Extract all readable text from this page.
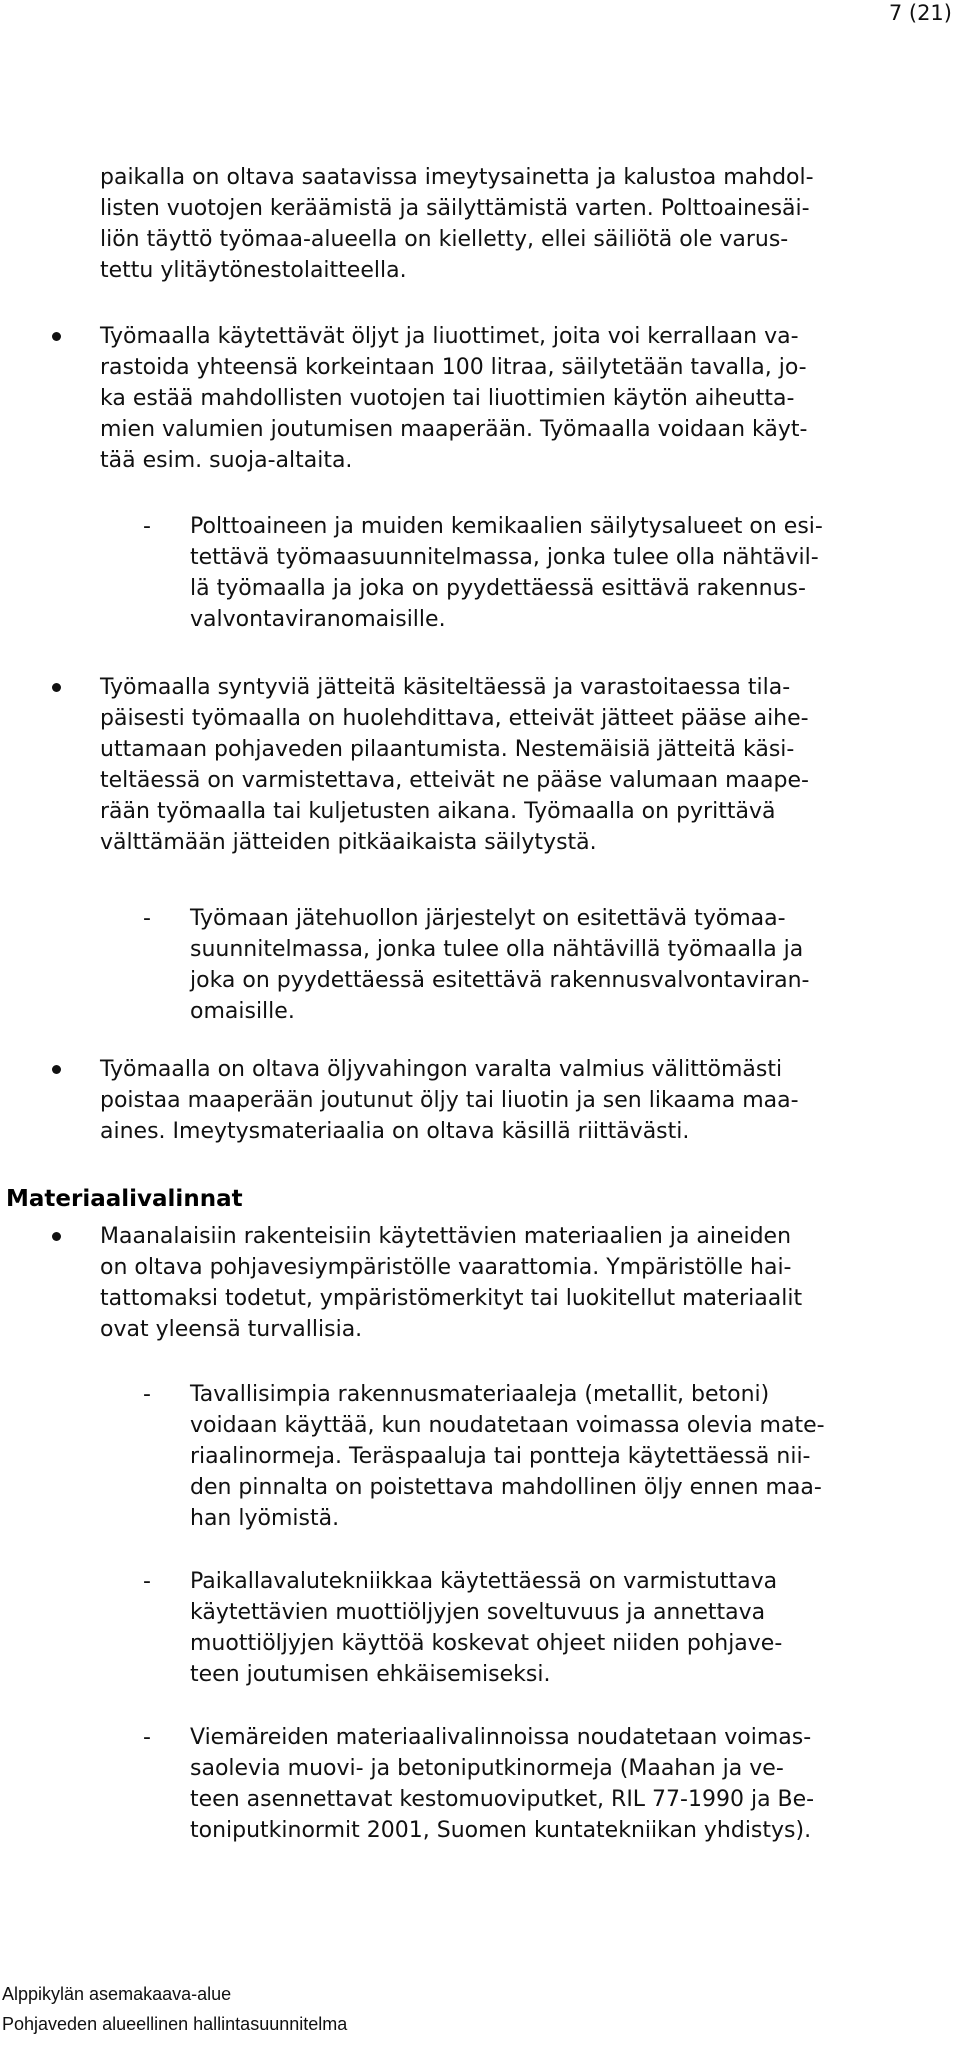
7 (21)
paikalla on oltava saatavissa imeytysainetta ja kalustoa mahdol-
listen vuotojen keräämistä ja säilyttämistä varten. Polttoainesäi-
liön täyttö työmaa-alueella on kielletty, ellei säiliötä ole varus-
tettu ylitäytönestolaitteella.
Työmaalla käytettävät öljyt ja liuottimet, joita voi kerrallaan va-
rastoida yhteensä korkeintaan 100 litraa, säilytetään tavalla, jo-
ka estää mahdollisten vuotojen tai liuottimien käytön aiheutta-
mien valumien joutumisen maaperään. Työmaalla voidaan käyt-
tää esim. suoja-altaita.
- Polttoaineen ja muiden kemikaalien säilytysalueet on esi-
tettävä työmaasuunnitelmassa, jonka tulee olla nähtävil-
lä työmaalla ja joka on pyydettäessä esittävä rakennus-
valvontaviranomaisille.
Työmaalla syntyviä jätteitä käsiteltäessä ja varastoitaessa tila-
päisesti työmaalla on huolehdittava, etteivät jätteet pääse aihe-
uttamaan pohjaveden pilaantumista. Nestemäisiä jätteitä käsi-
teltäessä on varmistettava, etteivät ne pääse valumaan maape-
rään työmaalla tai kuljetusten aikana. Työmaalla on pyrittävä
välttämään jätteiden pitkäaikaista säilytystä.
- Työmaan jätehuollon järjestelyt on esitettävä työmaa-
suunnitelmassa, jonka tulee olla nähtävillä työmaalla ja
joka on pyydettäessä esitettävä rakennusvalvontaviran-
omaisille.
Työmaalla on oltava öljyvahingon varalta valmius välittömästi
poistaa maaperään joutunut öljy tai liuotin ja sen likaama maa-
aines. Imeytysmateriaalia on oltava käsillä riittävästi.
Materiaalivalinnat
Maanalaisiin rakenteisiin käytettävien materiaalien ja aineiden
on oltava pohjavesiympäristölle vaarattomia. Ympäristölle hai-
tattomaksi todetut, ympäristömerkityt tai luokitellut materiaalit
ovat yleensä turvallisia.
- Tavallisimpia rakennusmateriaaleja (metallit, betoni)
voidaan käyttää, kun noudatetaan voimassa olevia mate-
riaalinormeja. Teräspaaluja tai pontteja käytettäessä nii-
den pinnalta on poistettava mahdollinen öljy ennen maa-
han lyömistä.
- Paikallavalutekniikkaa käytettäessä on varmistuttava
käytettävien muottiöljyjen soveltuvuus ja annettava
muottiöljyjen käyttöä koskevat ohjeet niiden pohjave-
teen joutumisen ehkäisemiseksi.
- Viemäreiden materiaalivalinnoissa noudatetaan voimas-
saolevia muovi- ja betoniputkinormeja (Maahan ja ve-
teen asennettavat kestomuoviputket, RIL 77-1990 ja Be-
toniputkinormit 2001, Suomen kuntatekniikan yhdistys).
Alppikylän asemakaava-alue
Pohjaveden alueellinen hallintasuunnitelma
